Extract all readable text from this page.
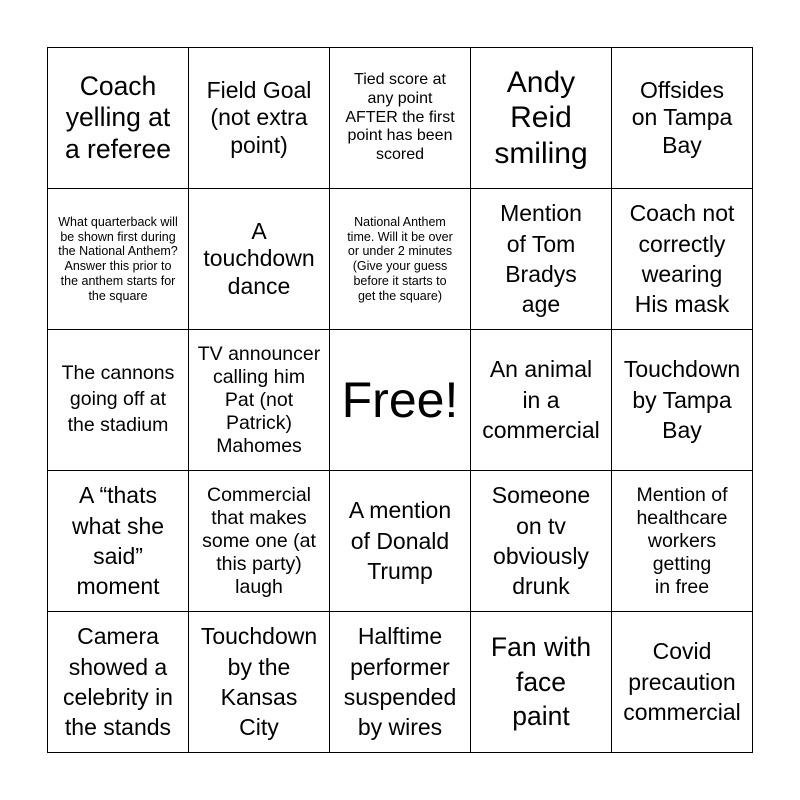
Coach
yelling at
a referee
Field Goal
(not extra
point)
Tied score at
any point
AFTER the first
point has been
scored
Andy
Reid
smiling
Offsides
on Tampa
Bay
What quarterback will
be shown first during
the National Anthem?
Answer this prior to
the anthem starts for
the square
A
touchdown
dance
National Anthem
time. Will it be over
or under 2 minutes
(Give your guess
before it starts to
get the square)
Mention
of Tom
Bradys
age
Coach not
correctly
wearing
His mask
The cannons
going off at
the stadium
TV announcer
calling him
Pat (not
Patrick)
Mahomes
Free!
An animal
in a
commercial
Touchdown
by Tampa
Bay
A “thats
what she
said”
moment
Commercial
that makes
some one (at
this party)
laugh
A mention
of Donald
Trump
Someone
on tv
obviously
drunk
Mention of
healthcare
workers
getting
in free
Camera
showed a
celebrity in
the stands
Touchdown
by the
Kansas
City
Halftime
performer
suspended
by wires
Fan with
face
paint
Covid
precaution
commercial
